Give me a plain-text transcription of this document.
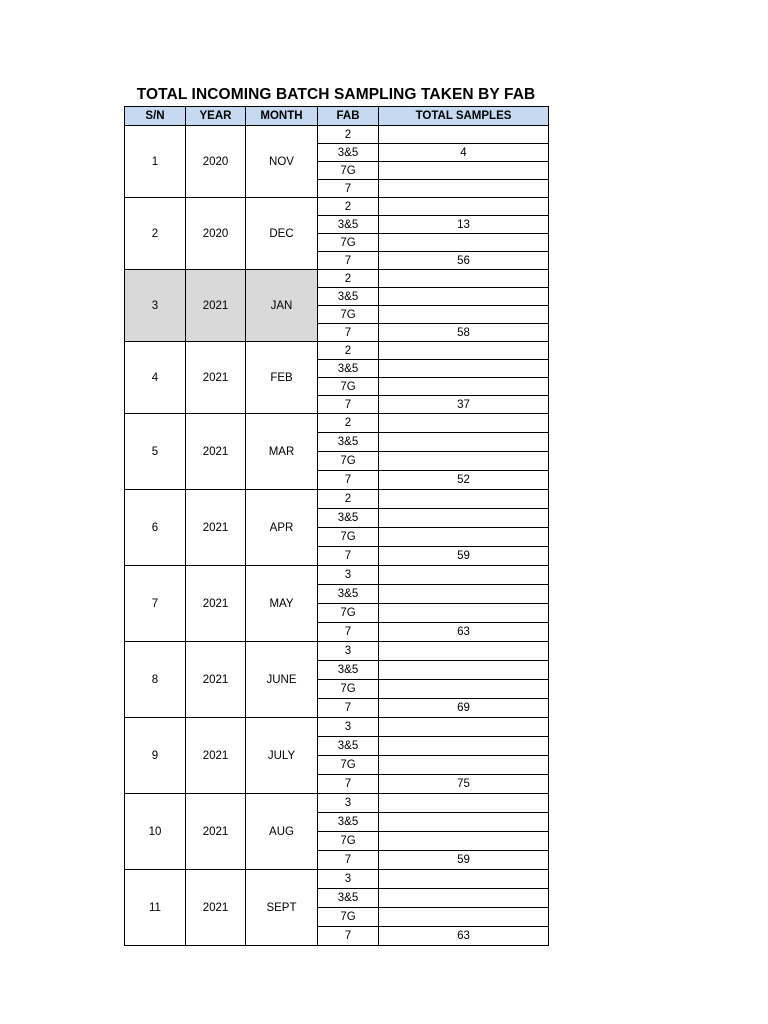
TOTAL INCOMING BATCH SAMPLING TAKEN BY FAB
S/N	YEAR	MONTH	FAB	TOTAL SAMPLES
1	2020	NOV	2	
			3&5	4
			7G	
			7	
2	2020	DEC	2	
			3&5	13
			7G	
			7	56
3	2021	JAN	2	
			3&5	
			7G	
			7	58
4	2021	FEB	2	
			3&5	
			7G	
			7	37
5	2021	MAR	2	
			3&5	
			7G	
			7	52
6	2021	APR	2	
			3&5	
			7G	
			7	59
7	2021	MAY	3	
			3&5	
			7G	
			7	63
8	2021	JUNE	3	
			3&5	
			7G	
			7	69
9	2021	JULY	3	
			3&5	
			7G	
			7	75
10	2021	AUG	3	
			3&5	
			7G	
			7	59
11	2021	SEPT	3	
			3&5	
			7G	
			7	63
